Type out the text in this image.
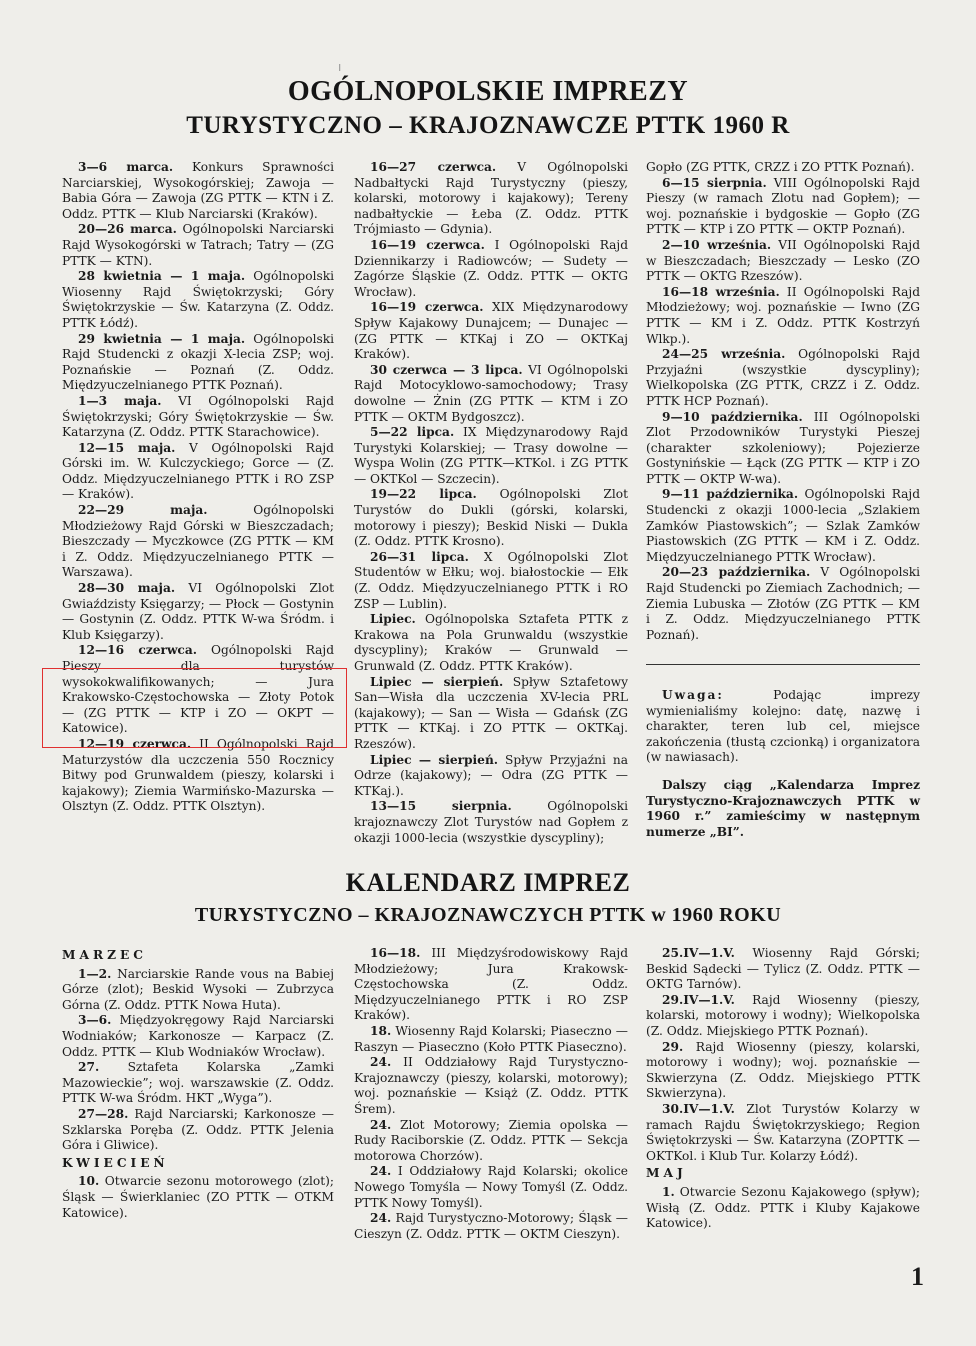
ı
OGÓLNOPOLSKIE IMPREZY
TURYSTYCZNO – KRAJOZNAWCZE PTTK 1960 R

3—6 marca. Konkurs Sprawności Narciarskiej, Wysokogórskiej; Zawoja — Babia Góra — Zawoja (ZG PTTK — KTN i Z. Oddz. PTTK — Klub Narciarski (Kraków).

20—26 marca. Ogólnopolski Narciarski Rajd Wysokogórski w Tatrach; Tatry — (ZG PTTK — KTN).

28 kwietnia — 1 maja. Ogólnopolski Wiosenny Rajd Świętokrzyski; Góry Świętokrzyskie — Św. Katarzyna (Z. Oddz. PTTK Łódź).

29 kwietnia — 1 maja. Ogólnopolski Rajd Studencki z okazji X-lecia ZSP; woj. Poznańskie — Poznań (Z. Oddz. Międzyuczelnianego PTTK Poznań).

1—3 maja. VI Ogólnopolski Rajd Świętokrzyski; Góry Świętokrzyskie — Św. Katarzyna (Z. Oddz. PTTK Starachowice).

12—15 maja. V Ogólnopolski Rajd Górski im. W. Kulczyckiego; Gorce — (Z. Oddz. Międzyuczelnianego PTTK i RO ZSP — Kraków).

22—29 maja. Ogólnopolski Młodzieżowy Rajd Górski w Bieszczadach; Bieszczady — Myczkowce (ZG PTTK — KM i Z. Oddz. Międzyuczelnianego PTTK — Warszawa).

28—30 maja. VI Ogólnopolski Zlot Gwiaździsty Księgarzy; — Płock — Gostynin — Gostynin (Z. Oddz. PTTK W-wa Śródm. i Klub Księgarzy).

12—16 czerwca. Ogólnopolski Rajd Pieszy dla turystów wysokokwalifikowanych; — Jura Krakowsko-Częstochowska — Złoty Potok — (ZG PTTK — KTP i ZO — OKPT — Katowice).

12—19 czerwca. II Ogólnopolski Rajd Maturzystów dla uczczenia 550 Rocznicy Bitwy pod Grunwaldem (pieszy, kolarski i kajakowy); Ziemia Warmińsko-Mazurska — Olsztyn (Z. Oddz. PTTK Olsztyn).

16—27 czerwca. V Ogólnopolski Nadbałtycki Rajd Turystyczny (pieszy, kolarski, motorowy i kajakowy); Tereny nadbałtyckie — Łeba (Z. Oddz. PTTK Trójmiasto — Gdynia).

16—19 czerwca. I Ogólnopolski Rajd Dziennikarzy i Radiowców; — Sudety — Zagórze Śląskie (Z. Oddz. PTTK — OKTG Wrocław).

16—19 czerwca. XIX Międzynarodowy Spływ Kajakowy Dunajcem; — Dunajec — (ZG PTTK — KTKaj i ZO — OKTKaj Kraków).

30 czerwca — 3 lipca. VI Ogólnopolski Rajd Motocyklowo-samochodowy; Trasy dowolne — Żnin (ZG PTTK — KTM i ZO PTTK — OKTM Bydgoszcz).

5—22 lipca. IX Międzynarodowy Rajd Turystyki Kolarskiej; — Trasy dowolne — Wyspa Wolin (ZG PTTK—KTKol. i ZG PTTK — OKTKol — Szczecin).

19—22 lipca. Ogólnopolski Zlot Turystów do Dukli (górski, kolarski, motorowy i pieszy); Beskid Niski — Dukla (Z. Oddz. PTTK Krosno).

26—31 lipca. X Ogólnopolski Zlot Studentów w Ełku; woj. białostockie — Ełk (Z. Oddz. Międzyuczelnianego PTTK i RO ZSP — Lublin).

Lipiec. Ogólnopolska Sztafeta PTTK z Krakowa na Pola Grunwaldu (wszystkie dyscypliny); Kraków — Grunwald — Grunwald (Z. Oddz. PTTK Kraków).

Lipiec — sierpień. Spływ Sztafetowy San—Wisła dla uczczenia XV-lecia PRL (kajakowy); — San — Wisła — Gdańsk (ZG PTTK — KTKaj. i ZO PTTK — OKTKaj. Rzeszów).

Lipiec — sierpień. Spływ Przyjaźni na Odrze (kajakowy); — Odra (ZG PTTK — KTKaj.).

13—15 sierpnia. Ogólnopolski krajoznawczy Zlot Turystów nad Gopłem z okazji 1000-lecia (wszystkie dyscypliny);

Gopło (ZG PTTK, CRZZ i ZO PTTK Poznań).

6—15 sierpnia. VIII Ogólnopolski Rajd Pieszy (w ramach Zlotu nad Gopłem); — woj. poznańskie i bydgoskie — Gopło (ZG PTTK — KTP i ZO PTTK — OKTP Poznań).

2—10 września. VII Ogólnopolski Rajd w Bieszczadach; Bieszczady — Lesko (ZO PTTK — OKTG Rzeszów).

16—18 września. II Ogólnopolski Rajd Młodzieżowy; woj. poznańskie — Iwno (ZG PTTK — KM i Z. Oddz. PTTK Kostrzyń Wlkp.).

24—25 września. Ogólnopolski Rajd Przyjaźni (wszystkie dyscypliny); Wielkopolska (ZG PTTK, CRZZ i Z. Oddz. PTTK HCP Poznań).

9—10 października. III Ogólnopolski Zlot Przodowników Turystyki Pieszej (charakter szkoleniowy); Pojezierze Gostynińskie — Łąck (ZG PTTK — KTP i ZO PTTK — OKTP W-wa).

9—11 października. Ogólnopolski Rajd Studencki z okazji 1000-lecia „Szlakiem Zamków Piastowskich”; — Szlak Zamków Piastowskich (ZG PTTK — KM i Z. Oddz. Międzyuczelnianego PTTK Wrocław).

20—23 października. V Ogólnopolski Rajd Studencki po Ziemiach Zachodnich; — Ziemia Lubuska — Złotów (ZG PTTK — KM i Z. Oddz. Międzyuczelnianego PTTK Poznań).

Uwaga: Podając imprezy wymienialiśmy kolejno: datę, nazwę i charakter, teren lub cel, miejsce zakończenia (tłustą czcionką) i organizatora (w nawiasach).

Dalszy ciąg „Kalendarza Imprez Turystyczno-Krajoznawczych PTTK w 1960 r.” zamieścimy w następnym numerze „BI”.

KALENDARZ IMPREZ
TURYSTYCZNO – KRAJOZNAWCZYCH PTTK w 1960 ROKU

MARZEC

1—2. Narciarskie Rande vous na Babiej Górze (zlot); Beskid Wysoki — Zubrzyca Górna (Z. Oddz. PTTK Nowa Huta).

3—6. Międzyokręgowy Rajd Narciarski Wodniaków; Karkonosze — Karpacz (Z. Oddz. PTTK — Klub Wodniaków Wrocław).

27. Sztafeta Kolarska „Zamki Mazowieckie”; woj. warszawskie (Z. Oddz. PTTK W-wa Śródm. HKT „Wyga”).

27—28. Rajd Narciarski; Karkonosze — Szklarska Poręba (Z. Oddz. PTTK Jelenia Góra i Gliwice).

KWIECIEŃ

10. Otwarcie sezonu motorowego (zlot); Śląsk — Świerklaniec (ZO PTTK — OTKM Katowice).

16—18. III Międzyśrodowiskowy Rajd Młodzieżowy; Jura Krakowsk-Częstochowska (Z. Oddz. Międzyuczelnianego PTTK i RO ZSP Kraków).

18. Wiosenny Rajd Kolarski; Piaseczno — Raszyn — Piaseczno (Koło PTTK Piaseczno).

24. II Oddziałowy Rajd Turystyczno-Krajoznawczy (pieszy, kolarski, motorowy); woj. poznańskie — Książ (Z. Oddz. PTTK Śrem).

24. Zlot Motorowy; Ziemia opolska — Rudy Raciborskie (Z. Oddz. PTTK — Sekcja motorowa Chorzów).

24. I Oddziałowy Rajd Kolarski; okolice Nowego Tomyśla — Nowy Tomyśl (Z. Oddz. PTTK Nowy Tomyśl).

24. Rajd Turystyczno-Motorowy; Śląsk — Cieszyn (Z. Oddz. PTTK — OKTM Cieszyn).

25.IV—1.V. Wiosenny Rajd Górski; Beskid Sądecki — Tylicz (Z. Oddz. PTTK — OKTG Tarnów).

29.IV—1.V. Rajd Wiosenny (pieszy, kolarski, motorowy i wodny); Wielkopolska (Z. Oddz. Miejskiego PTTK Poznań).

29. Rajd Wiosenny (pieszy, kolarski, motorowy i wodny); woj. poznańskie — Skwierzyna (Z. Oddz. Miejskiego PTTK Skwierzyna).

30.IV—1.V. Zlot Turystów Kolarzy w ramach Rajdu Świętokrzyskiego; Region Świętokrzyski — Św. Katarzyna (ZOPTTK — OKTKol. i Klub Tur. Kolarzy Łódź).

MAJ

1. Otwarcie Sezonu Kajakowego (spływ); Wisłą (Z. Oddz. PTTK i Kluby Kajakowe Katowice).

1
